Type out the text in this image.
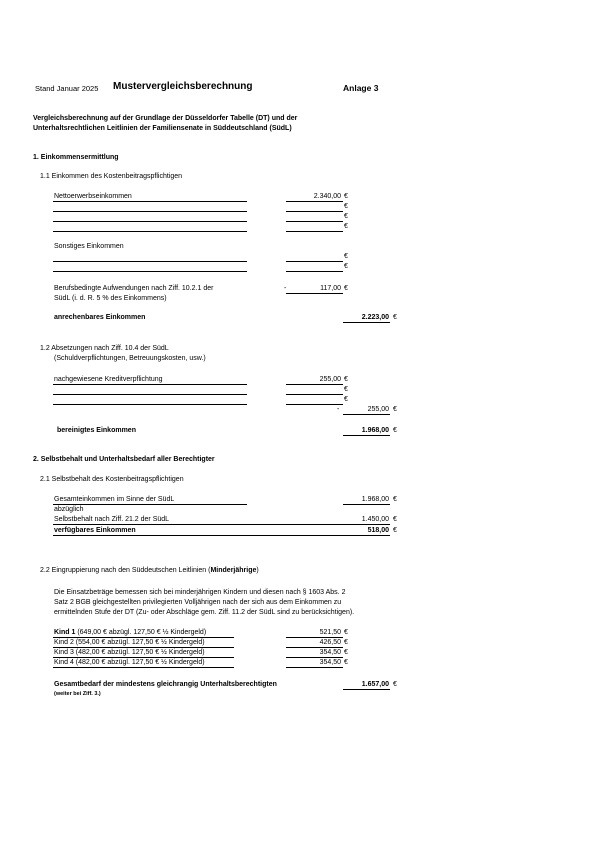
Stand Januar 2025 Mustervergleichsberechnung	Anlage 3
Vergleichsberechnung auf der Grundlage der Düsseldorfer Tabelle (DT) und der
Unterhaltsrechtlichen Leitlinien der Familiensenate in Süddeutschland (SüdL)
1. Einkommensermittlung
1.1 Einkommen des Kostenbeitragspflichtigen
Nettoerwerbseinkommen	2.340,00 €
€
€
€
Sonstiges Einkommen
€
€
Berufsbedingte Aufwendungen nach Ziff. 10.2.1 der
SüdL (i. d. R. 5 % des Einkommens)
-	117,00 €
anrechenbares Einkommen	2.223,00 €
1.2 Absetzungen nach Ziff. 10.4 der SüdL
(Schuldverpflichtungen, Betreuungskosten, usw.)
nachgewiesene Kreditverpflichtung	255,00 €
€
€
-	255,00 €
bereinigtes Einkommen	1.968,00 €
2. Selbstbehalt und Unterhaltsbedarf aller Berechtigter
2.1 Selbstbehalt des Kostenbeitragspflichtigen
Gesamteinkommen im Sinne der SüdL	1.968,00 €
abzüglich
Selbstbehalt nach Ziff. 21.2 der SüdL	1.450,00 €
verfügbares Einkommen	518,00 €
2.2 Eingruppierung nach den Süddeutschen Leitlinien (Minderjährige)
Die Einsatzbeträge bemessen sich bei minderjährigen Kindern und diesen nach § 1603 Abs. 2
Satz 2 BGB gleichgestellten privilegierten Volljährigen nach der sich aus dem Einkommen zu
ermittelnden Stufe der DT (Zu- oder Abschläge gem. Ziff. 11.2 der SüdL sind zu berücksichtigen).
Kind 1 (649,00 € abzügl. 127,50 € ½ Kindergeld)	521,50 €
Kind 2 (554,00 € abzügl. 127,50 € ½ Kindergeld)	426,50 €
Kind 3 (482,00 € abzügl. 127,50 € ½ Kindergeld)	354,50 €
Kind 4 (482,00 € abzügl. 127,50 € ½ Kindergeld)	354,50 €
Gesamtbedarf der mindestens gleichrangig Unterhaltsberechtigten	1.657,00 €
(weiter bei Ziff. 3.)
